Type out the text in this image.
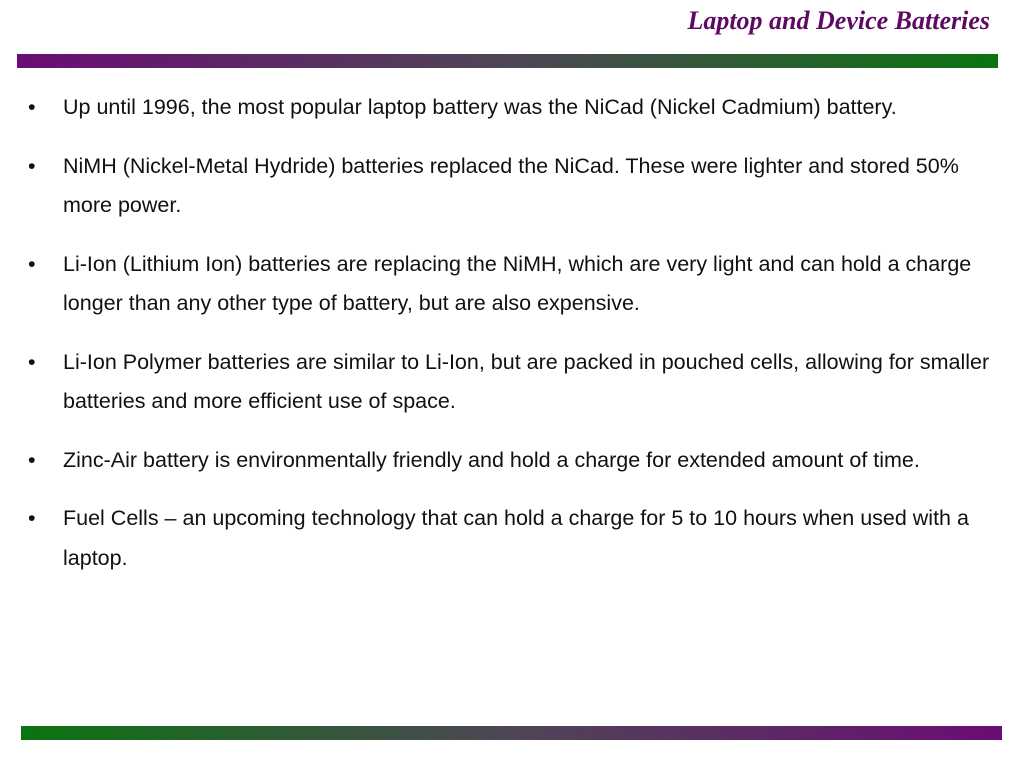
Laptop and Device Batteries
•	Up until 1996, the most popular laptop battery was the NiCad (Nickel Cadmium) battery.
•	NiMH (Nickel-Metal Hydride) batteries replaced the NiCad. These were lighter and stored 50% more power.
•	Li-Ion (Lithium Ion) batteries are replacing the NiMH, which are very light and can hold a charge longer than any other type of battery, but are also expensive.
•	Li-Ion Polymer batteries are similar to Li-Ion, but are packed in pouched cells, allowing for smaller batteries and more efficient use of space.
•	Zinc-Air battery is environmentally friendly and hold a charge for extended amount of time.
•	Fuel Cells – an upcoming technology that can hold a charge for 5 to 10 hours when used with a laptop.
